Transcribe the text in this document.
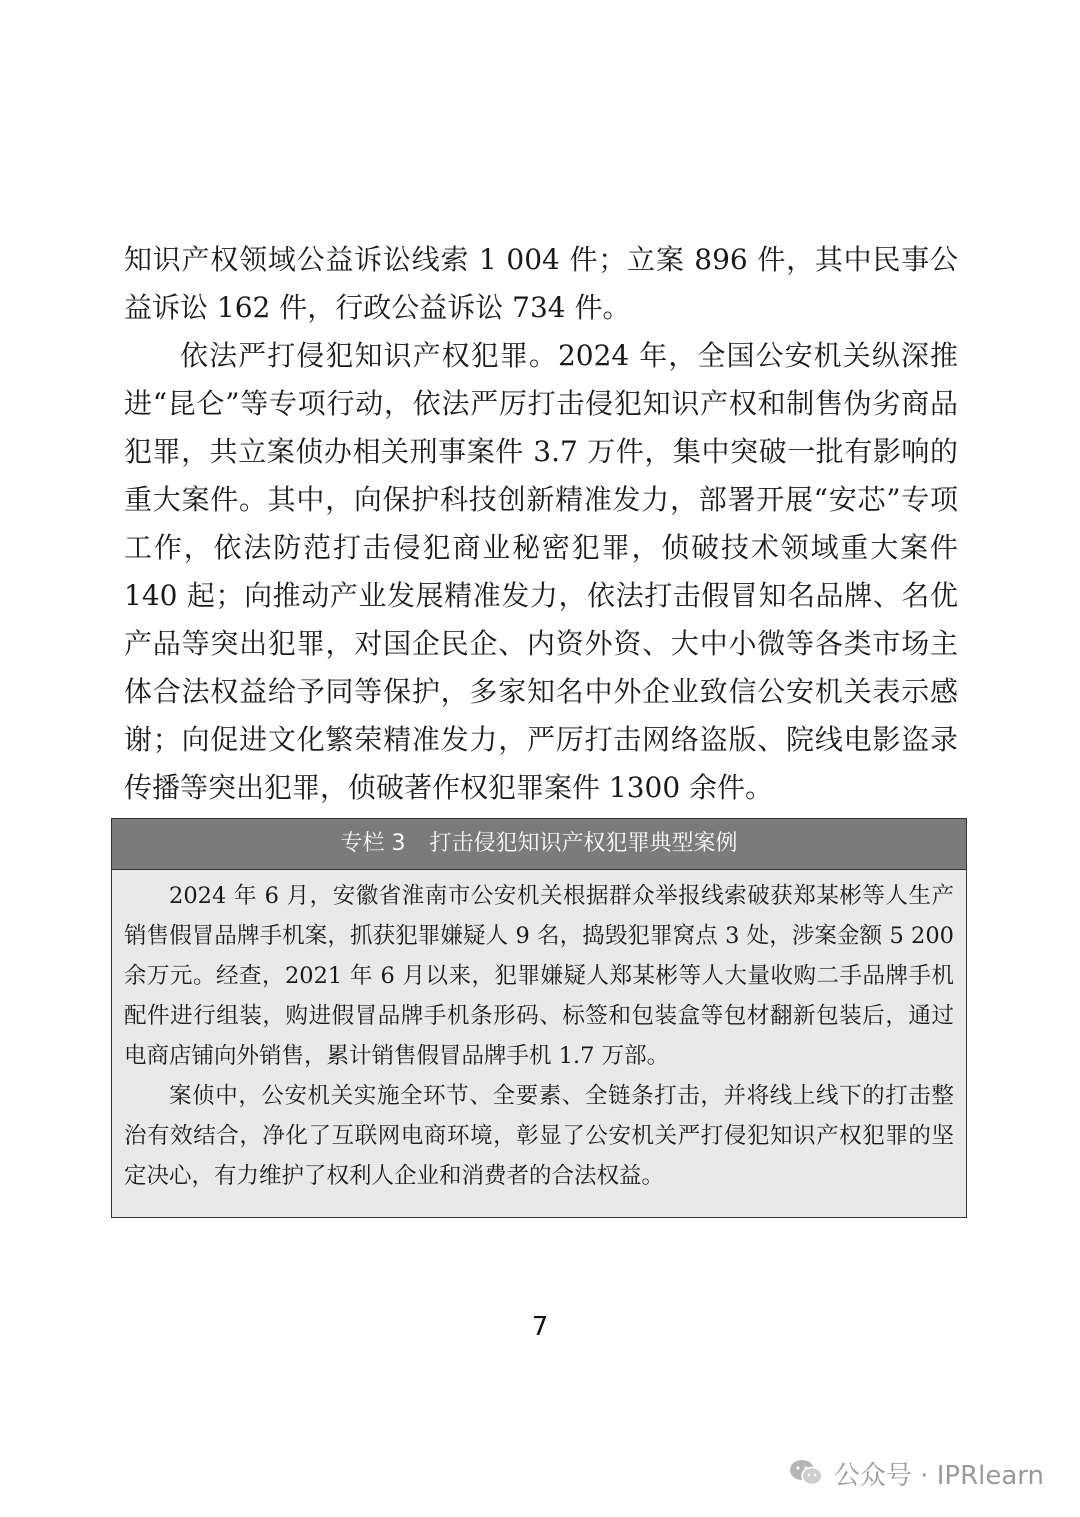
知识产权领域公益诉讼线索 1 004 件；立案 896 件，其中民事公益诉讼 162 件，行政公益诉讼 734 件。

依法严打侵犯知识产权犯罪。2024 年，全国公安机关纵深推进“昆仑”等专项行动，依法严厉打击侵犯知识产权和制售伪劣商品犯罪，共立案侦办相关刑事案件 3.7 万件，集中突破一批有影响的重大案件。其中，向保护科技创新精准发力，部署开展“安芯”专项工作，依法防范打击侵犯商业秘密犯罪，侦破技术领域重大案件 140 起；向推动产业发展精准发力，依法打击假冒知名品牌、名优产品等突出犯罪，对国企民企、内资外资、大中小微等各类市场主体合法权益给予同等保护，多家知名中外企业致信公安机关表示感谢；向促进文化繁荣精准发力，严厉打击网络盗版、院线电影盗录传播等突出犯罪，侦破著作权犯罪案件 1300 余件。

专栏 3 打击侵犯知识产权犯罪典型案例

2024 年 6 月，安徽省淮南市公安机关根据群众举报线索破获郑某彬等人生产销售假冒品牌手机案，抓获犯罪嫌疑人 9 名，捣毁犯罪窝点 3 处，涉案金额 5 200 余万元。经查，2021 年 6 月以来，犯罪嫌疑人郑某彬等人大量收购二手品牌手机配件进行组装，购进假冒品牌手机条形码、标签和包装盒等包材翻新包装后，通过电商店铺向外销售，累计销售假冒品牌手机 1.7 万部。

案侦中，公安机关实施全环节、全要素、全链条打击，并将线上线下的打击整治有效结合，净化了互联网电商环境，彰显了公安机关严打侵犯知识产权犯罪的坚定决心，有力维护了权利人企业和消费者的合法权益。

7
公众号 · IPRlearn
